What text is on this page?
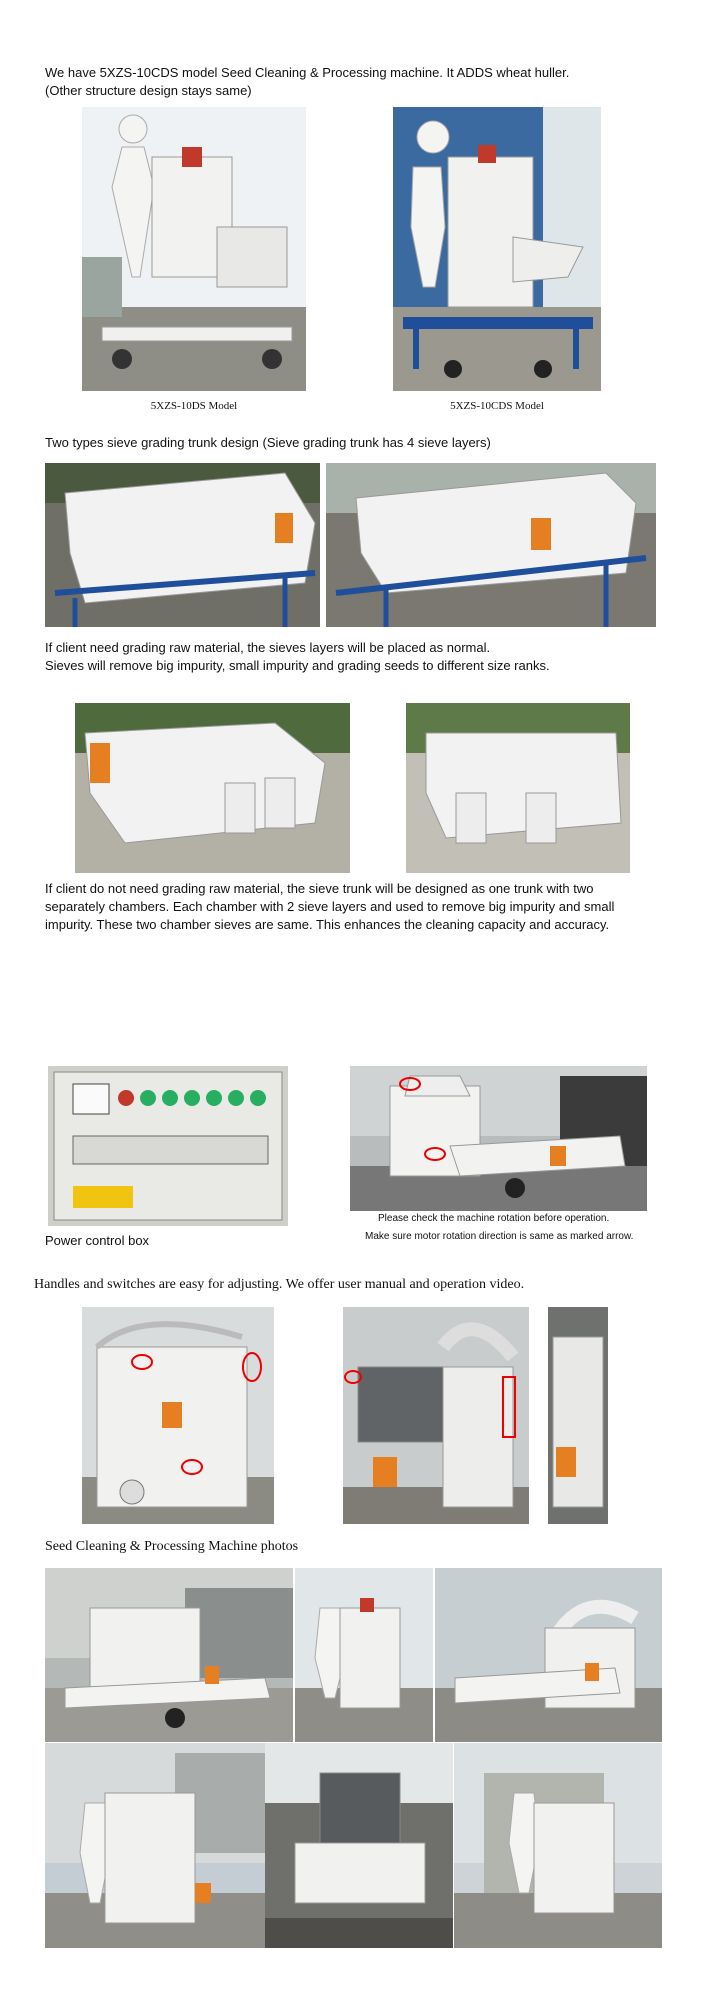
We have 5XZS-10CDS model Seed Cleaning & Processing machine. It ADDS wheat huller.
(Other structure design stays same)
5XZS-10DS Model	5XZS-10CDS Model
Two types sieve grading trunk design (Sieve grading trunk has 4 sieve layers)
If client need grading raw material, the sieves layers will be placed as normal.
Sieves will remove big impurity, small impurity and grading seeds to different size ranks.
If client do not need grading raw material, the sieve trunk will be designed as one trunk with two
separately chambers. Each chamber with 2 sieve layers and used to remove big impurity and small
impurity. These two chamber sieves are same. This enhances the cleaning capacity and accuracy.
Power control box
Please check the machine rotation before operation.
Make sure motor rotation direction is same as marked arrow.
Handles and switches are easy for adjusting. We offer user manual and operation video.
Seed Cleaning & Processing Machine photos
